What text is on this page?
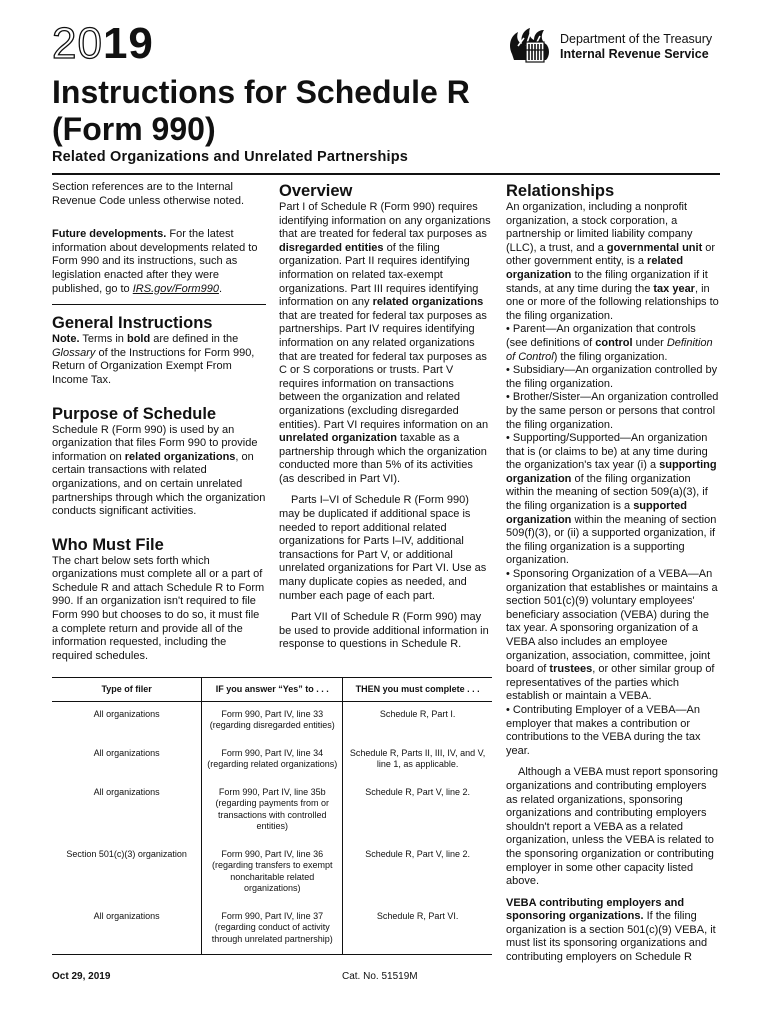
2019	Department of the Treasury
Internal Revenue Service
Instructions for Schedule R
(Form 990)
Related Organizations and Unrelated Partnerships

Section references are to the Internal Revenue Code unless otherwise noted.

Future developments. For the latest information about developments related to Form 990 and its instructions, such as legislation enacted after they were published, go to IRS.gov/Form990.

General Instructions

Note. Terms in bold are defined in the Glossary of the Instructions for Form 990, Return of Organization Exempt From Income Tax.

Purpose of Schedule

Schedule R (Form 990) is used by an organization that files Form 990 to provide information on related organizations, on certain transactions with related organizations, and on certain unrelated partnerships through which the organization conducts significant activities.

Who Must File

The chart below sets forth which organizations must complete all or a part of Schedule R and attach Schedule R to Form 990. If an organization isn't required to file Form 990 but chooses to do so, it must file a complete return and provide all of the information requested, including the required schedules.

Overview

Part I of Schedule R (Form 990) requires identifying information on any organizations that are treated for federal tax purposes as disregarded entities of the filing organization. Part II requires identifying information on related tax-exempt organizations. Part III requires identifying information on any related organizations that are treated for federal tax purposes as partnerships. Part IV requires identifying information on any related organizations that are treated for federal tax purposes as C or S corporations or trusts. Part V requires information on transactions between the organization and related organizations (excluding disregarded entities). Part VI requires information on an unrelated organization taxable as a partnership through which the organization conducted more than 5% of its activities (as described in Part VI).

Parts I–VI of Schedule R (Form 990) may be duplicated if additional space is needed to report additional related organizations for Parts I–IV, additional transactions for Part V, or additional unrelated organizations for Part VI. Use as many duplicate copies as needed, and number each page of each part.

Part VII of Schedule R (Form 990) may be used to provide additional information in response to questions in Schedule R.

Relationships

An organization, including a nonprofit organization, a stock corporation, a partnership or limited liability company (LLC), a trust, and a governmental unit or other government entity, is a related organization to the filing organization if it stands, at any time during the tax year, in one or more of the following relationships to the filing organization.

• Parent—An organization that controls (see definitions of control under Definition of Control) the filing organization.

• Subsidiary—An organization controlled by the filing organization.

• Brother/Sister—An organization controlled by the same person or persons that control the filing organization.

• Supporting/Supported—An organization that is (or claims to be) at any time during the organization's tax year (i) a supporting organization of the filing organization within the meaning of section 509(a)(3), if the filing organization is a supported organization within the meaning of section 509(f)(3), or (ii) a supported organization, if the filing organization is a supporting organization.

• Sponsoring Organization of a VEBA—An organization that establishes or maintains a section 501(c)(9) voluntary employees' beneficiary association (VEBA) during the tax year. A sponsoring organization of a VEBA also includes an employee organization, association, committee, joint board of trustees, or other similar group of representatives of the parties which establish or maintain a VEBA.

• Contributing Employer of a VEBA—An employer that makes a contribution or contributions to the VEBA during the tax year.

Although a VEBA must report sponsoring organizations and contributing employers as related organizations, sponsoring organizations and contributing employers shouldn't report a VEBA as a related organization, unless the VEBA is related to the sponsoring organization or contributing employer in some other capacity listed above.

VEBA contributing employers and sponsoring organizations. If the filing organization is a section 501(c)(9) VEBA, it must list its sponsoring organizations and contributing employers on Schedule R

Type of filer	IF you answer “Yes” to . . .	THEN you must complete . . .
All organizations	Form 990, Part IV, line 33 (regarding disregarded entities)	Schedule R, Part I.
All organizations	Form 990, Part IV, line 34 (regarding related organizations)	Schedule R, Parts II, III, IV, and V, line 1, as applicable.
All organizations	Form 990, Part IV, line 35b (regarding payments from or transactions with controlled entities)	Schedule R, Part V, line 2.
Section 501(c)(3) organization	Form 990, Part IV, line 36 (regarding transfers to exempt noncharitable related organizations)	Schedule R, Part V, line 2.
All organizations	Form 990, Part IV, line 37 (regarding conduct of activity through unrelated partnership)	Schedule R, Part VI.
Oct 29, 2019	Cat. No. 51519M
